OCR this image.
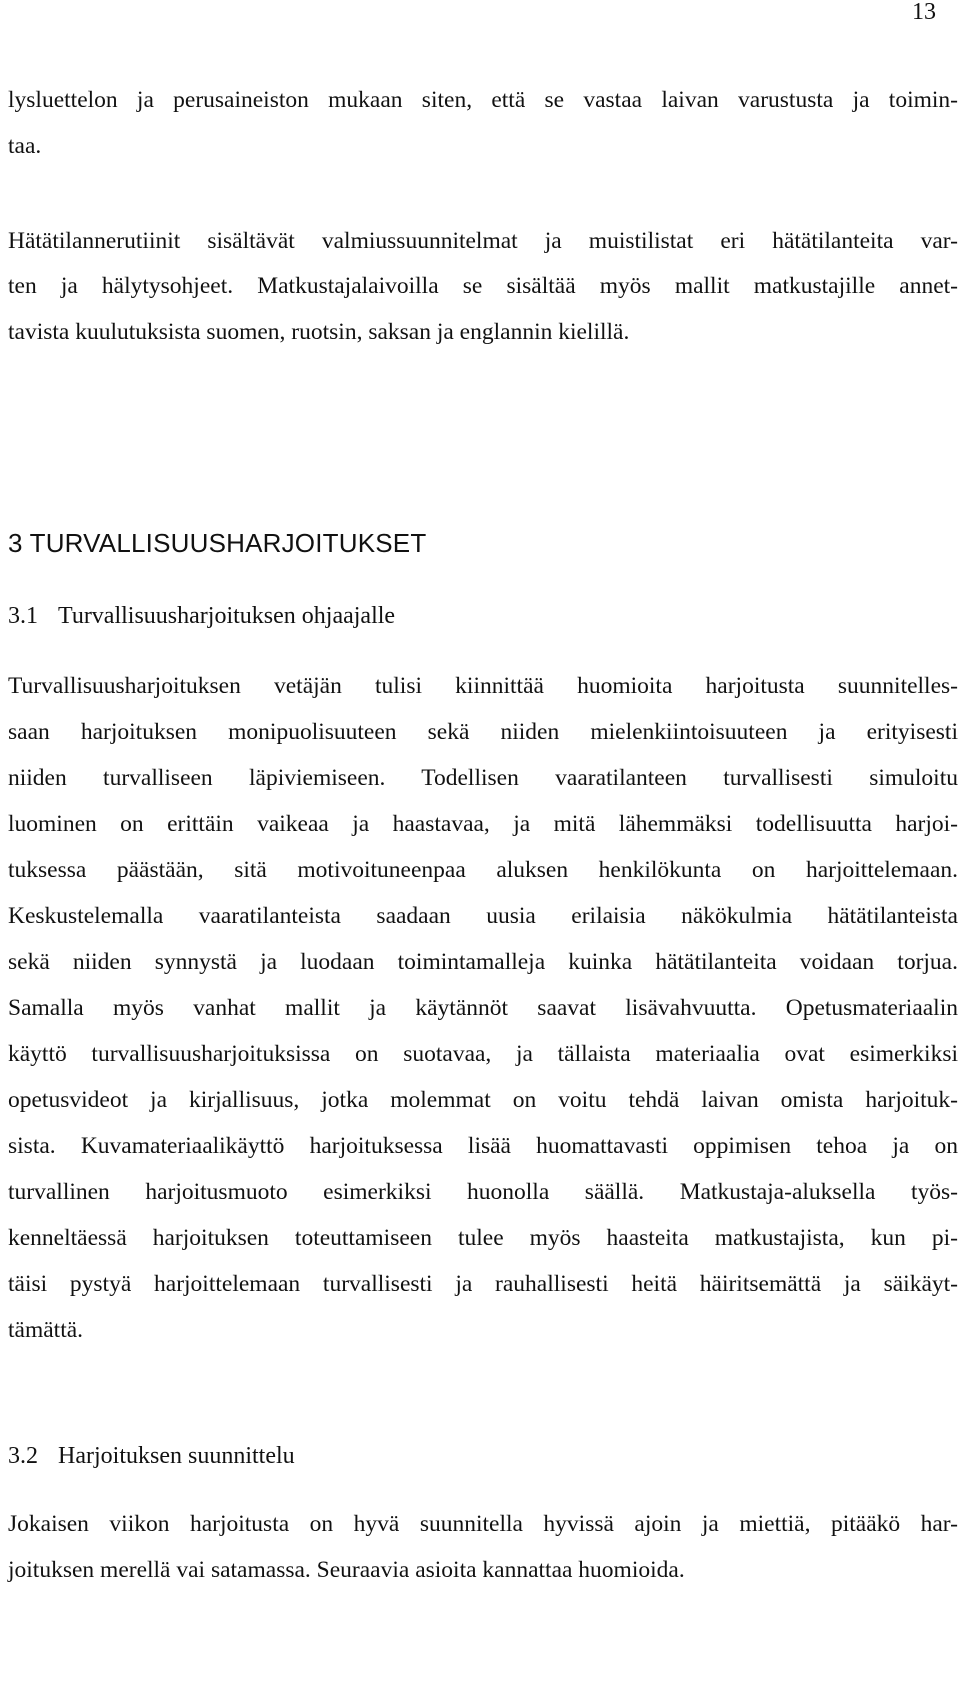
13
lysluettelon ja perusaineiston mukaan siten, että se vastaa laivan varustusta ja toimin-
taa.
Hätätilannerutiinit sisältävät valmiussuunnitelmat ja muistilistat eri hätätilanteita var-
ten ja hälytysohjeet. Matkustajalaivoilla se sisältää myös mallit matkustajille annet-
tavista kuulutuksista suomen, ruotsin, saksan ja englannin kielillä.
3 TURVALLISUUSHARJOITUKSET
3.1 Turvallisuusharjoituksen ohjaajalle
Turvallisuusharjoituksen vetäjän tulisi kiinnittää huomioita harjoitusta suunnitelles-
saan harjoituksen monipuolisuuteen sekä niiden mielenkiintoisuuteen ja erityisesti
niiden turvalliseen läpiviemiseen. Todellisen vaaratilanteen turvallisesti simuloitu
luominen on erittäin vaikeaa ja haastavaa, ja mitä lähemmäksi todellisuutta harjoi-
tuksessa päästään, sitä motivoituneenpaa aluksen henkilökunta on harjoittelemaan.
Keskustelemalla vaaratilanteista saadaan uusia erilaisia näkökulmia hätätilanteista
sekä niiden synnystä ja luodaan toimintamalleja kuinka hätätilanteita voidaan torjua.
Samalla myös vanhat mallit ja käytännöt saavat lisävahvuutta. Opetusmateriaalin
käyttö turvallisuusharjoituksissa on suotavaa, ja tällaista materiaalia ovat esimerkiksi
opetusvideot ja kirjallisuus, jotka molemmat on voitu tehdä laivan omista harjoituk-
sista. Kuvamateriaalikäyttö harjoituksessa lisää huomattavasti oppimisen tehoa ja on
turvallinen harjoitusmuoto esimerkiksi huonolla säällä. Matkustaja-aluksella työs-
kenneltäessä harjoituksen toteuttamiseen tulee myös haasteita matkustajista, kun pi-
täisi pystyä harjoittelemaan turvallisesti ja rauhallisesti heitä häiritsemättä ja säikäyt-
tämättä.
3.2 Harjoituksen suunnittelu
Jokaisen viikon harjoitusta on hyvä suunnitella hyvissä ajoin ja miettiä, pitääkö har-
joituksen merellä vai satamassa. Seuraavia asioita kannattaa huomioida.
